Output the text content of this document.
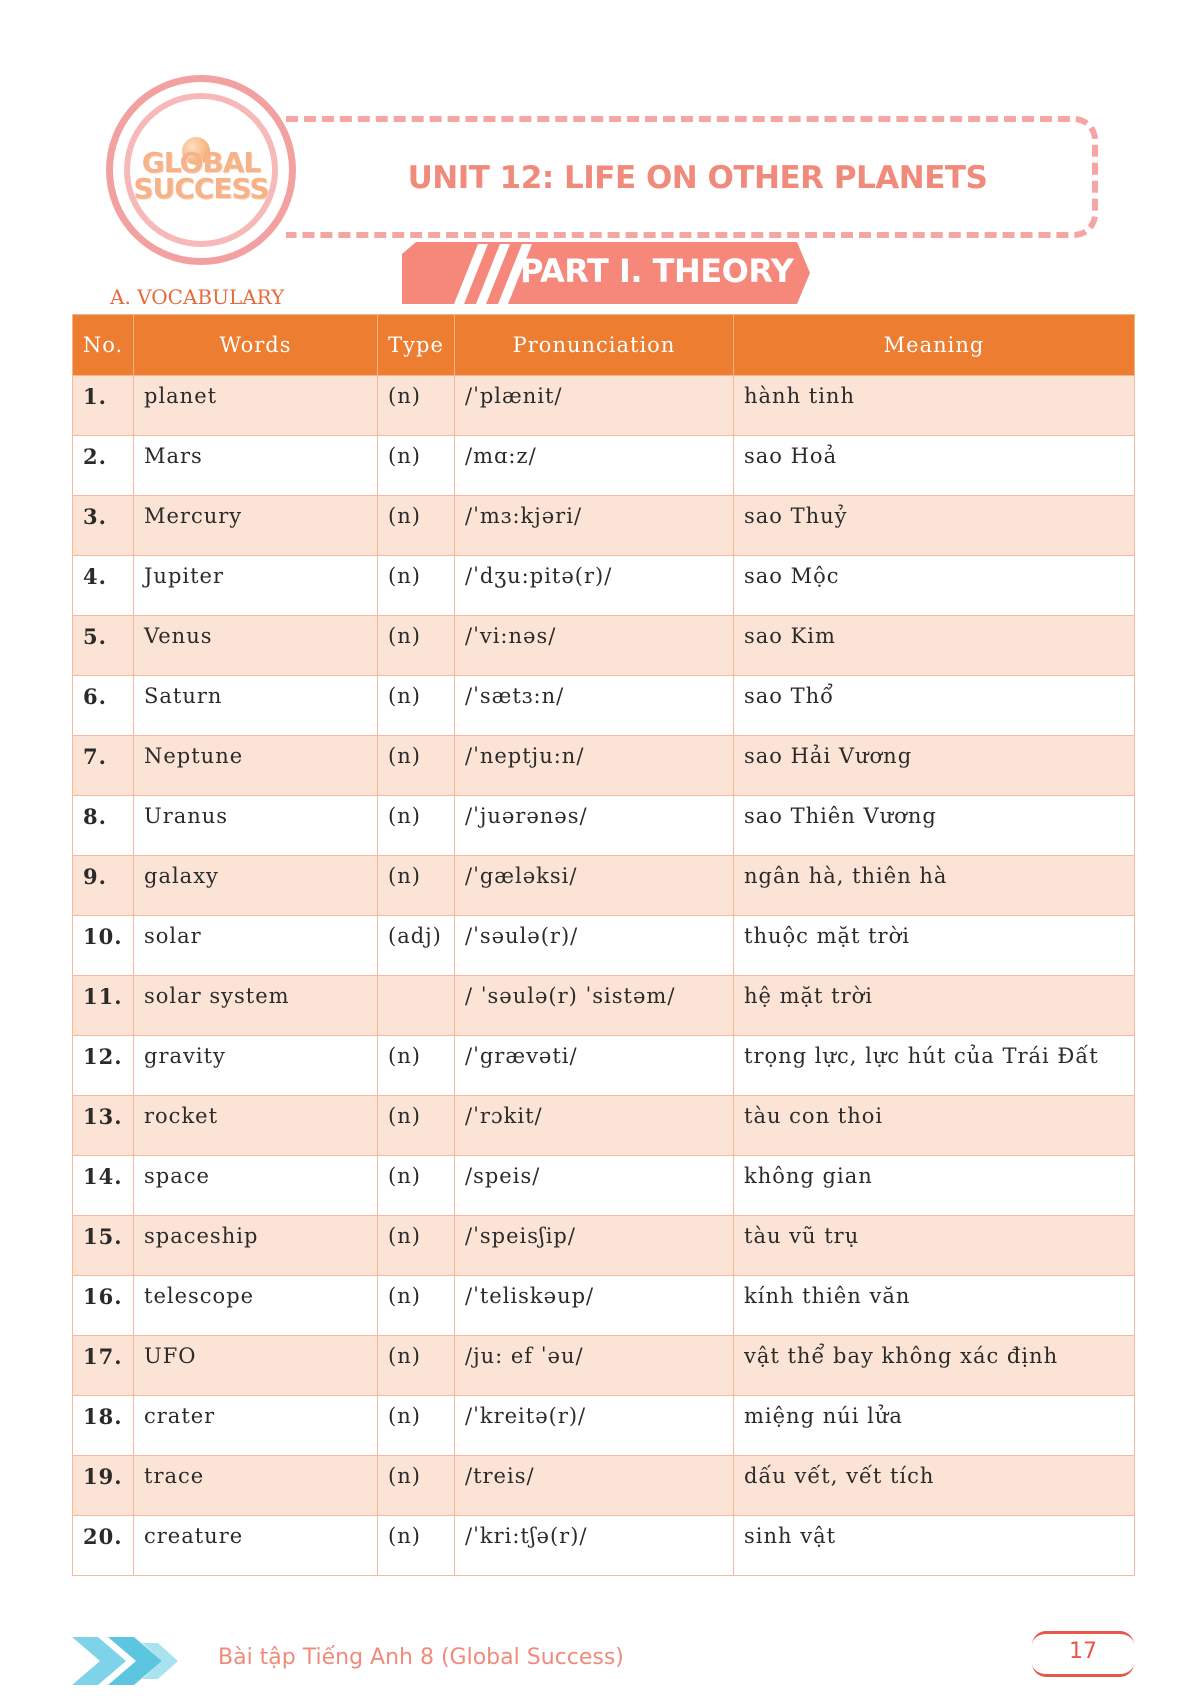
GLOBAL
SUCCESS	UNIT 12: LIFE ON OTHER PLANETS
PART I. THEORY
A. VOCABULARY
No.	Words	Type	Pronunciation	Meaning
1.	planet	(n)	/ˈplænit/	hành tinh
2.	Mars	(n)	/mɑ:z/	sao Hoả
3.	Mercury	(n)	/ˈmɜ:kjəri/	sao Thuỷ
4.	Jupiter	(n)	/ˈdʒu:pitə(r)/	sao Mộc
5.	Venus	(n)	/ˈvi:nəs/	sao Kim
6.	Saturn	(n)	/ˈsætɜ:n/	sao Thổ
7.	Neptune	(n)	/ˈneptju:n/	sao Hải Vương
8.	Uranus	(n)	/ˈjuərənəs/	sao Thiên Vương
9.	galaxy	(n)	/ˈgæləksi/	ngân hà, thiên hà
10.	solar	(adj)	/ˈsəulə(r)/	thuộc mặt trời
11.	solar system		/ ˈsəulə(r) ˈsistəm/	hệ mặt trời
12.	gravity	(n)	/ˈgrævəti/	trọng lực, lực hút của Trái Đất
13.	rocket	(n)	/ˈrɔkit/	tàu con thoi
14.	space	(n)	/speis/	không gian
15.	spaceship	(n)	/ˈspeisʃip/	tàu vũ trụ
16.	telescope	(n)	/ˈteliskəup/	kính thiên văn
17.	UFO	(n)	/ju: ef ˈəu/	vật thể bay không xác định
18.	crater	(n)	/ˈkreitə(r)/	miệng núi lửa
19.	trace	(n)	/treis/	dấu vết, vết tích
20.	creature	(n)	/ˈkri:tʃə(r)/	sinh vật
Bài tập Tiếng Anh 8 (Global Success)	17
